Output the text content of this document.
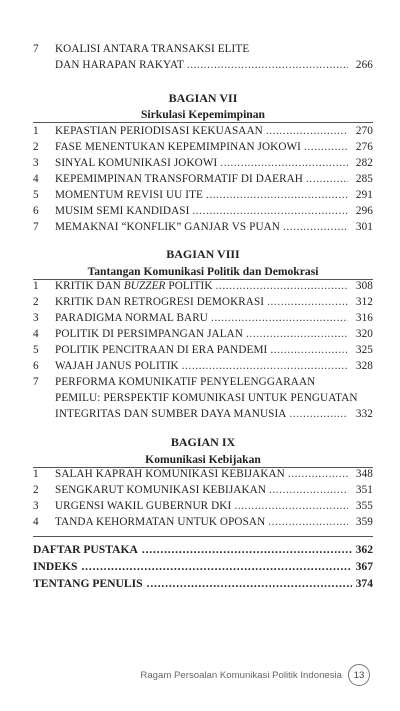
7	KOALISI ANTARA TRANSAKSI ELITE
DAN HARAPAN RAKYAT .....	266
BAGIAN VII
Sirkulasi Kepemimpinan
1	KEPASTIAN PERIODISASI KEKUASAAN .....	270
2	FASE MENENTUKAN KEPEMIMPINAN JOKOWI .....	276
3	SINYAL KOMUNIKASI JOKOWI .....	282
4	KEPEMIMPINAN TRANSFORMATIF DI DAERAH .....	285
5	MOMENTUM REVISI UU ITE .....	291
6	MUSIM SEMI KANDIDASI .....	296
7	MEMAKNAI “KONFLIK” GANJAR VS PUAN .....	301
BAGIAN VIII
Tantangan Komunikasi Politik dan Demokrasi
1	KRITIK DAN BUZZER POLITIK .....	308
2	KRITIK DAN RETROGRESI DEMOKRASI .....	312
3	PARADIGMA NORMAL BARU .....	316
4	POLITIK DI PERSIMPANGAN JALAN .....	320
5	POLITIK PENCITRAAN DI ERA PANDEMI .....	325
6	WAJAH JANUS POLITIK .....	328
7	PERFORMA KOMUNIKATIF PENYELENGGARAAN
PEMILU: PERSPEKTIF KOMUNIKASI UNTUK PENGUATAN
INTEGRITAS DAN SUMBER DAYA MANUSIA .....	332
BAGIAN IX
Komunikasi Kebijakan
1	SALAH KAPRAH KOMUNIKASI KEBIJAKAN .....	348
2	SENGKARUT KOMUNIKASI KEBIJAKAN .....	351
3	URGENSI WAKIL GUBERNUR DKI .....	355
4	TANDA KEHORMATAN UNTUK OPOSAN .....	359
DAFTAR PUSTAKA .....	362
INDEKS .....	367
TENTANG PENULIS .....	374
Ragam Persoalan Komunikasi Politik Indonesia 13
